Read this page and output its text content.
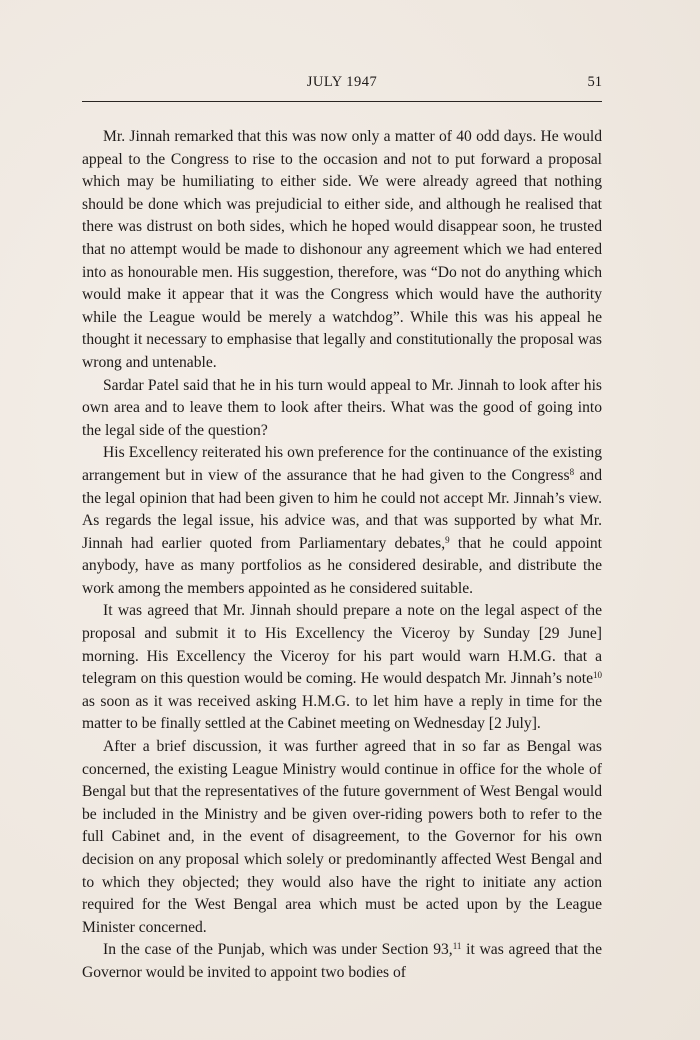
JULY 1947	51

Mr. Jinnah remarked that this was now only a matter of 40 odd days. He would appeal to the Congress to rise to the occasion and not to put forward a proposal which may be humiliating to either side. We were already agreed that nothing should be done which was prejudicial to either side, and although he realised that there was distrust on both sides, which he hoped would disappear soon, he trusted that no attempt would be made to dishonour any agreement which we had entered into as honourable men. His suggestion, therefore, was “Do not do anything which would make it appear that it was the Congress which would have the authority while the League would be merely a watchdog”. While this was his appeal he thought it necessary to emphasise that legally and constitutionally the proposal was wrong and untenable.

Sardar Patel said that he in his turn would appeal to Mr. Jinnah to look after his own area and to leave them to look after theirs. What was the good of going into the legal side of the question?

His Excellency reiterated his own preference for the continuance of the existing arrangement but in view of the assurance that he had given to the Congress$^8$ and the legal opinion that had been given to him he could not accept Mr. Jinnah’s view. As regards the legal issue, his advice was, and that was supported by what Mr. Jinnah had earlier quoted from Parliamentary debates,$^9$ that he could appoint anybody, have as many portfolios as he considered desirable, and distribute the work among the members appointed as he considered suitable.

It was agreed that Mr. Jinnah should prepare a note on the legal aspect of the proposal and submit it to His Excellency the Viceroy by Sunday [29 June] morning. His Excellency the Viceroy for his part would warn H.M.G. that a telegram on this question would be coming. He would despatch Mr. Jinnah’s note$^{10}$ as soon as it was received asking H.M.G. to let him have a reply in time for the matter to be finally settled at the Cabinet meeting on Wednesday [2 July].

After a brief discussion, it was further agreed that in so far as Bengal was concerned, the existing League Ministry would continue in office for the whole of Bengal but that the representatives of the future government of West Bengal would be included in the Ministry and be given over-riding powers both to refer to the full Cabinet and, in the event of disagreement, to the Governor for his own decision on any proposal which solely or predominantly affected West Bengal and to which they objected; they would also have the right to initiate any action required for the West Bengal area which must be acted upon by the League Minister concerned.

In the case of the Punjab, which was under Section 93,11 it was agreed that the Governor would be invited to appoint two bodies of
